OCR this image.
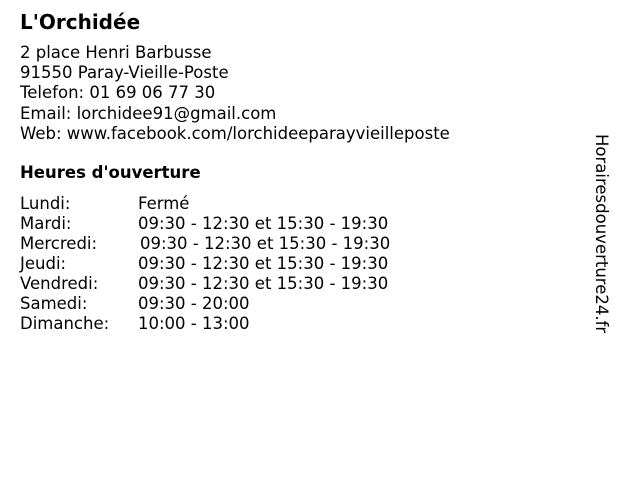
L'Orchidée
2 place Henri Barbusse
91550 Paray-Vieille-Poste
Telefon: 01 69 06 77 30
Email: lorchidee91@gmail.com
Web: www.facebook.com/lorchideeparayvieilleposte
Heures d'ouverture
Lundi:	Fermé
Mardi:	09:30 - 12:30 et 15:30 - 19:30
Mercredi:	09:30 - 12:30 et 15:30 - 19:30
Jeudi:	09:30 - 12:30 et 15:30 - 19:30
Vendredi: 09:30 - 12:30 et 15:30 - 19:30
Samedi:	09:30 - 20:00
Dimanche: 10:00 - 13:00	Horairesdouverture24.fr
